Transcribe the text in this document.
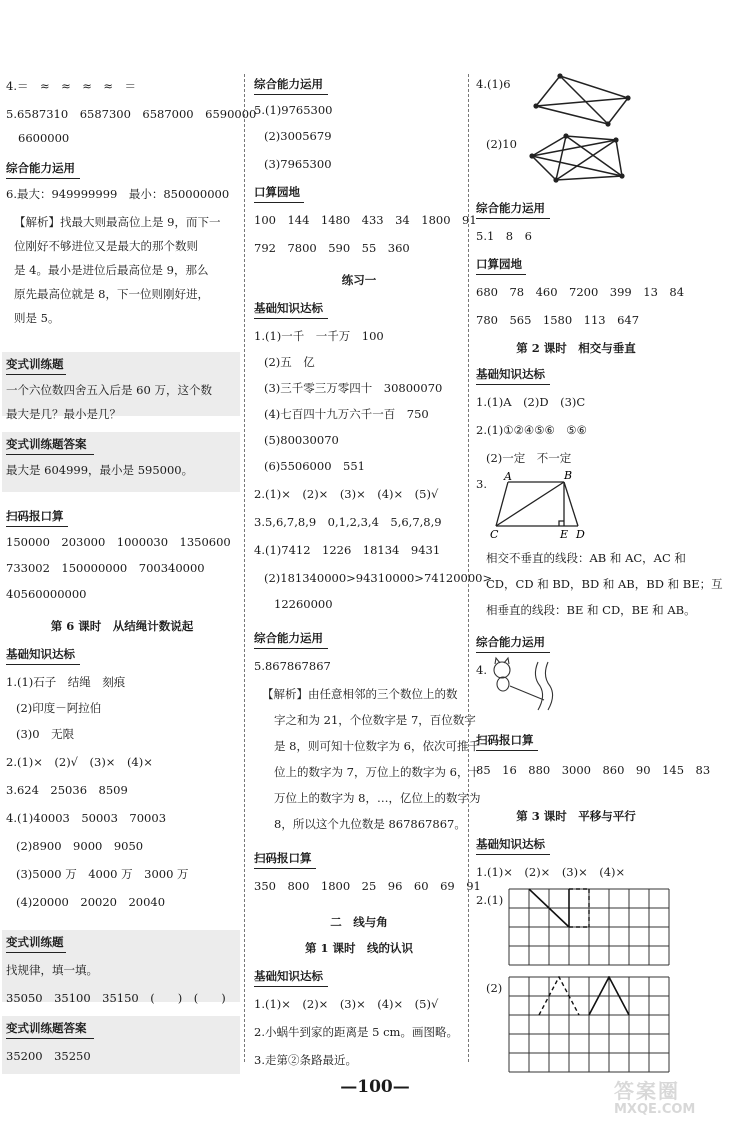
4.＝　≈　≈　≈　≈　＝
5.6587310　6587300　6587000　6590000
6600000
综合能力运用
6.最大：949999999　最小：850000000
【解析】找最大则最高位上是 9，而下一
位刚好不够进位又是最大的那个数则
是 4。最小是进位后最高位是 9，那么
原先最高位就是 8，下一位则刚好进，
则是 5。
变式训练题
一个六位数四舍五入后是 60 万，这个数
最大是几？最小是几？
变式训练题答案
最大是 604999，最小是 595000。
扫码报口算
150000　203000　1000030　1350600
733002　150000000　700340000
40560000000
第 6 课时　从结绳计数说起
基础知识达标
1.(1)石子　结绳　刻痕
(2)印度－阿拉伯
(3)0　无限
2.(1)×　(2)√　(3)×　(4)×
3.624　25036　8509
4.(1)40003　50003　70003
(2)8900　9000　9050
(3)5000 万　4000 万　3000 万
(4)20000　20020　20040
变式训练题
找规律，填一填。
35050　35100　35150　(　　)　(　　)
变式训练题答案
35200　35250
综合能力运用
5.(1)9765300
(2)3005679
(3)7965300
口算园地
100　144　1480　433　34　1800　91
792　7800　590　55　360
练习一
基础知识达标
1.(1)一千　一千万　100
(2)五　亿
(3)三千零三万零四十　30800070
(4)七百四十九万六千一百　750
(5)80030070
(6)5506000　551
2.(1)×　(2)×　(3)×　(4)×　(5)√
3.5,6,7,8,9　0,1,2,3,4　5,6,7,8,9
4.(1)7412　1226　18134　9431
(2)181340000>94310000>74120000>
12260000
综合能力运用
5.867867867
【解析】由任意相邻的三个数位上的数
字之和为 21，个位数字是 7，百位数字
是 8，则可知十位数字为 6，依次可推千
位上的数字为 7，万位上的数字为 6，十
万位上的数字为 8，…，亿位上的数字为
8，所以这个九位数是 867867867。
扫码报口算
350　800　1800　25　96　60　69　91
二　线与角
第 1 课时　线的认识
基础知识达标
1.(1)×　(2)×　(3)×　(4)×　(5)√
2.小蜗牛到家的距离是 5 cm。画图略。
3.走第②条路最近。
4.(1)6
(2)10
综合能力运用
5.1　8　6
口算园地
680　78　460　7200　399　13　84
780　565　1580　113　647
第 2 课时　相交与垂直
基础知识达标
1.(1)A　(2)D　(3)C
2.(1)①②④⑤⑥　⑤⑥
(2)一定　不一定
3.
A	B
C	E D
相交不垂直的线段：AB 和 AC，AC 和
CD，CD 和 BD，BD 和 AB，BD 和 BE；互
相垂直的线段：BE 和 CD，BE 和 AB。
综合能力运用
4.
扫码报口算
85　16　880　3000　860　90　145　83
第 3 课时　平移与平行
基础知识达标
1.(1)×　(2)×　(3)×　(4)×
2.(1)
(2)
—100—	答案圈
MXQE.COM
